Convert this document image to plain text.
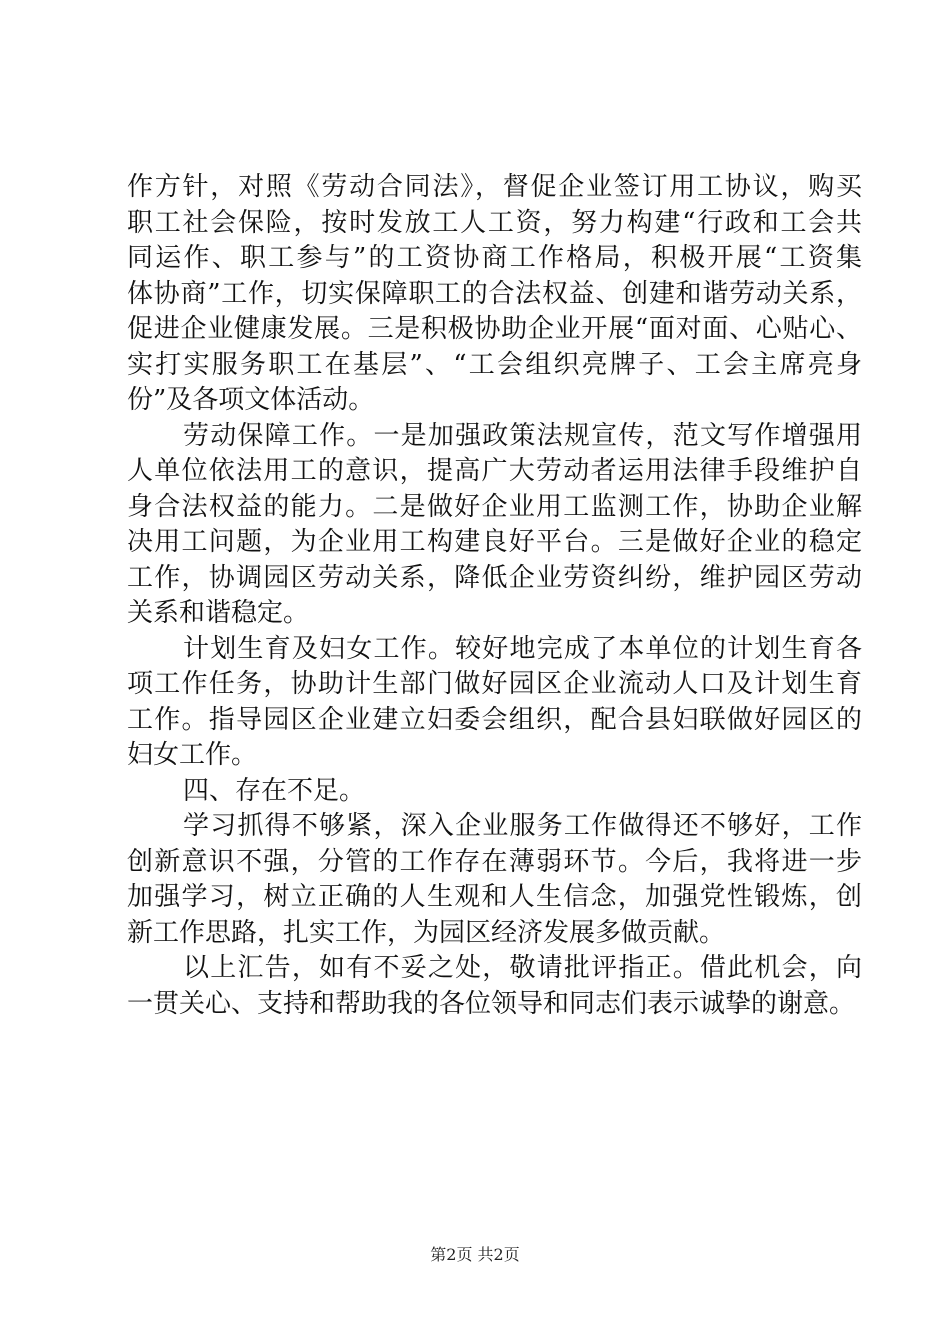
作方针，对照《劳动合同法》，督促企业签订用工协议，购买
职工社会保险，按时发放工人工资，努力构建“行政和工会共
同运作、职工参与”的工资协商工作格局，积极开展“工资集
体协商”工作，切实保障职工的合法权益、创建和谐劳动关系，
促进企业健康发展。三是积极协助企业开展“面对面、心贴心、
实打实服务职工在基层”、“工会组织亮牌子、工会主席亮身
份”及各项文体活动。
劳动保障工作。一是加强政策法规宣传，范文写作增强用
人单位依法用工的意识，提高广大劳动者运用法律手段维护自
身合法权益的能力。二是做好企业用工监测工作，协助企业解
决用工问题，为企业用工构建良好平台。三是做好企业的稳定
工作，协调园区劳动关系，降低企业劳资纠纷，维护园区劳动
关系和谐稳定。
计划生育及妇女工作。较好地完成了本单位的计划生育各
项工作任务，协助计生部门做好园区企业流动人口及计划生育
工作。指导园区企业建立妇委会组织，配合县妇联做好园区的
妇女工作。
四、存在不足。
学习抓得不够紧，深入企业服务工作做得还不够好，工作
创新意识不强，分管的工作存在薄弱环节。今后，我将进一步
加强学习，树立正确的人生观和人生信念，加强党性锻炼，创
新工作思路，扎实工作，为园区经济发展多做贡献。
以上汇告，如有不妥之处，敬请批评指正。借此机会，向
一贯关心、支持和帮助我的各位领导和同志们表示诚挚的谢意。
第2页 共2页
